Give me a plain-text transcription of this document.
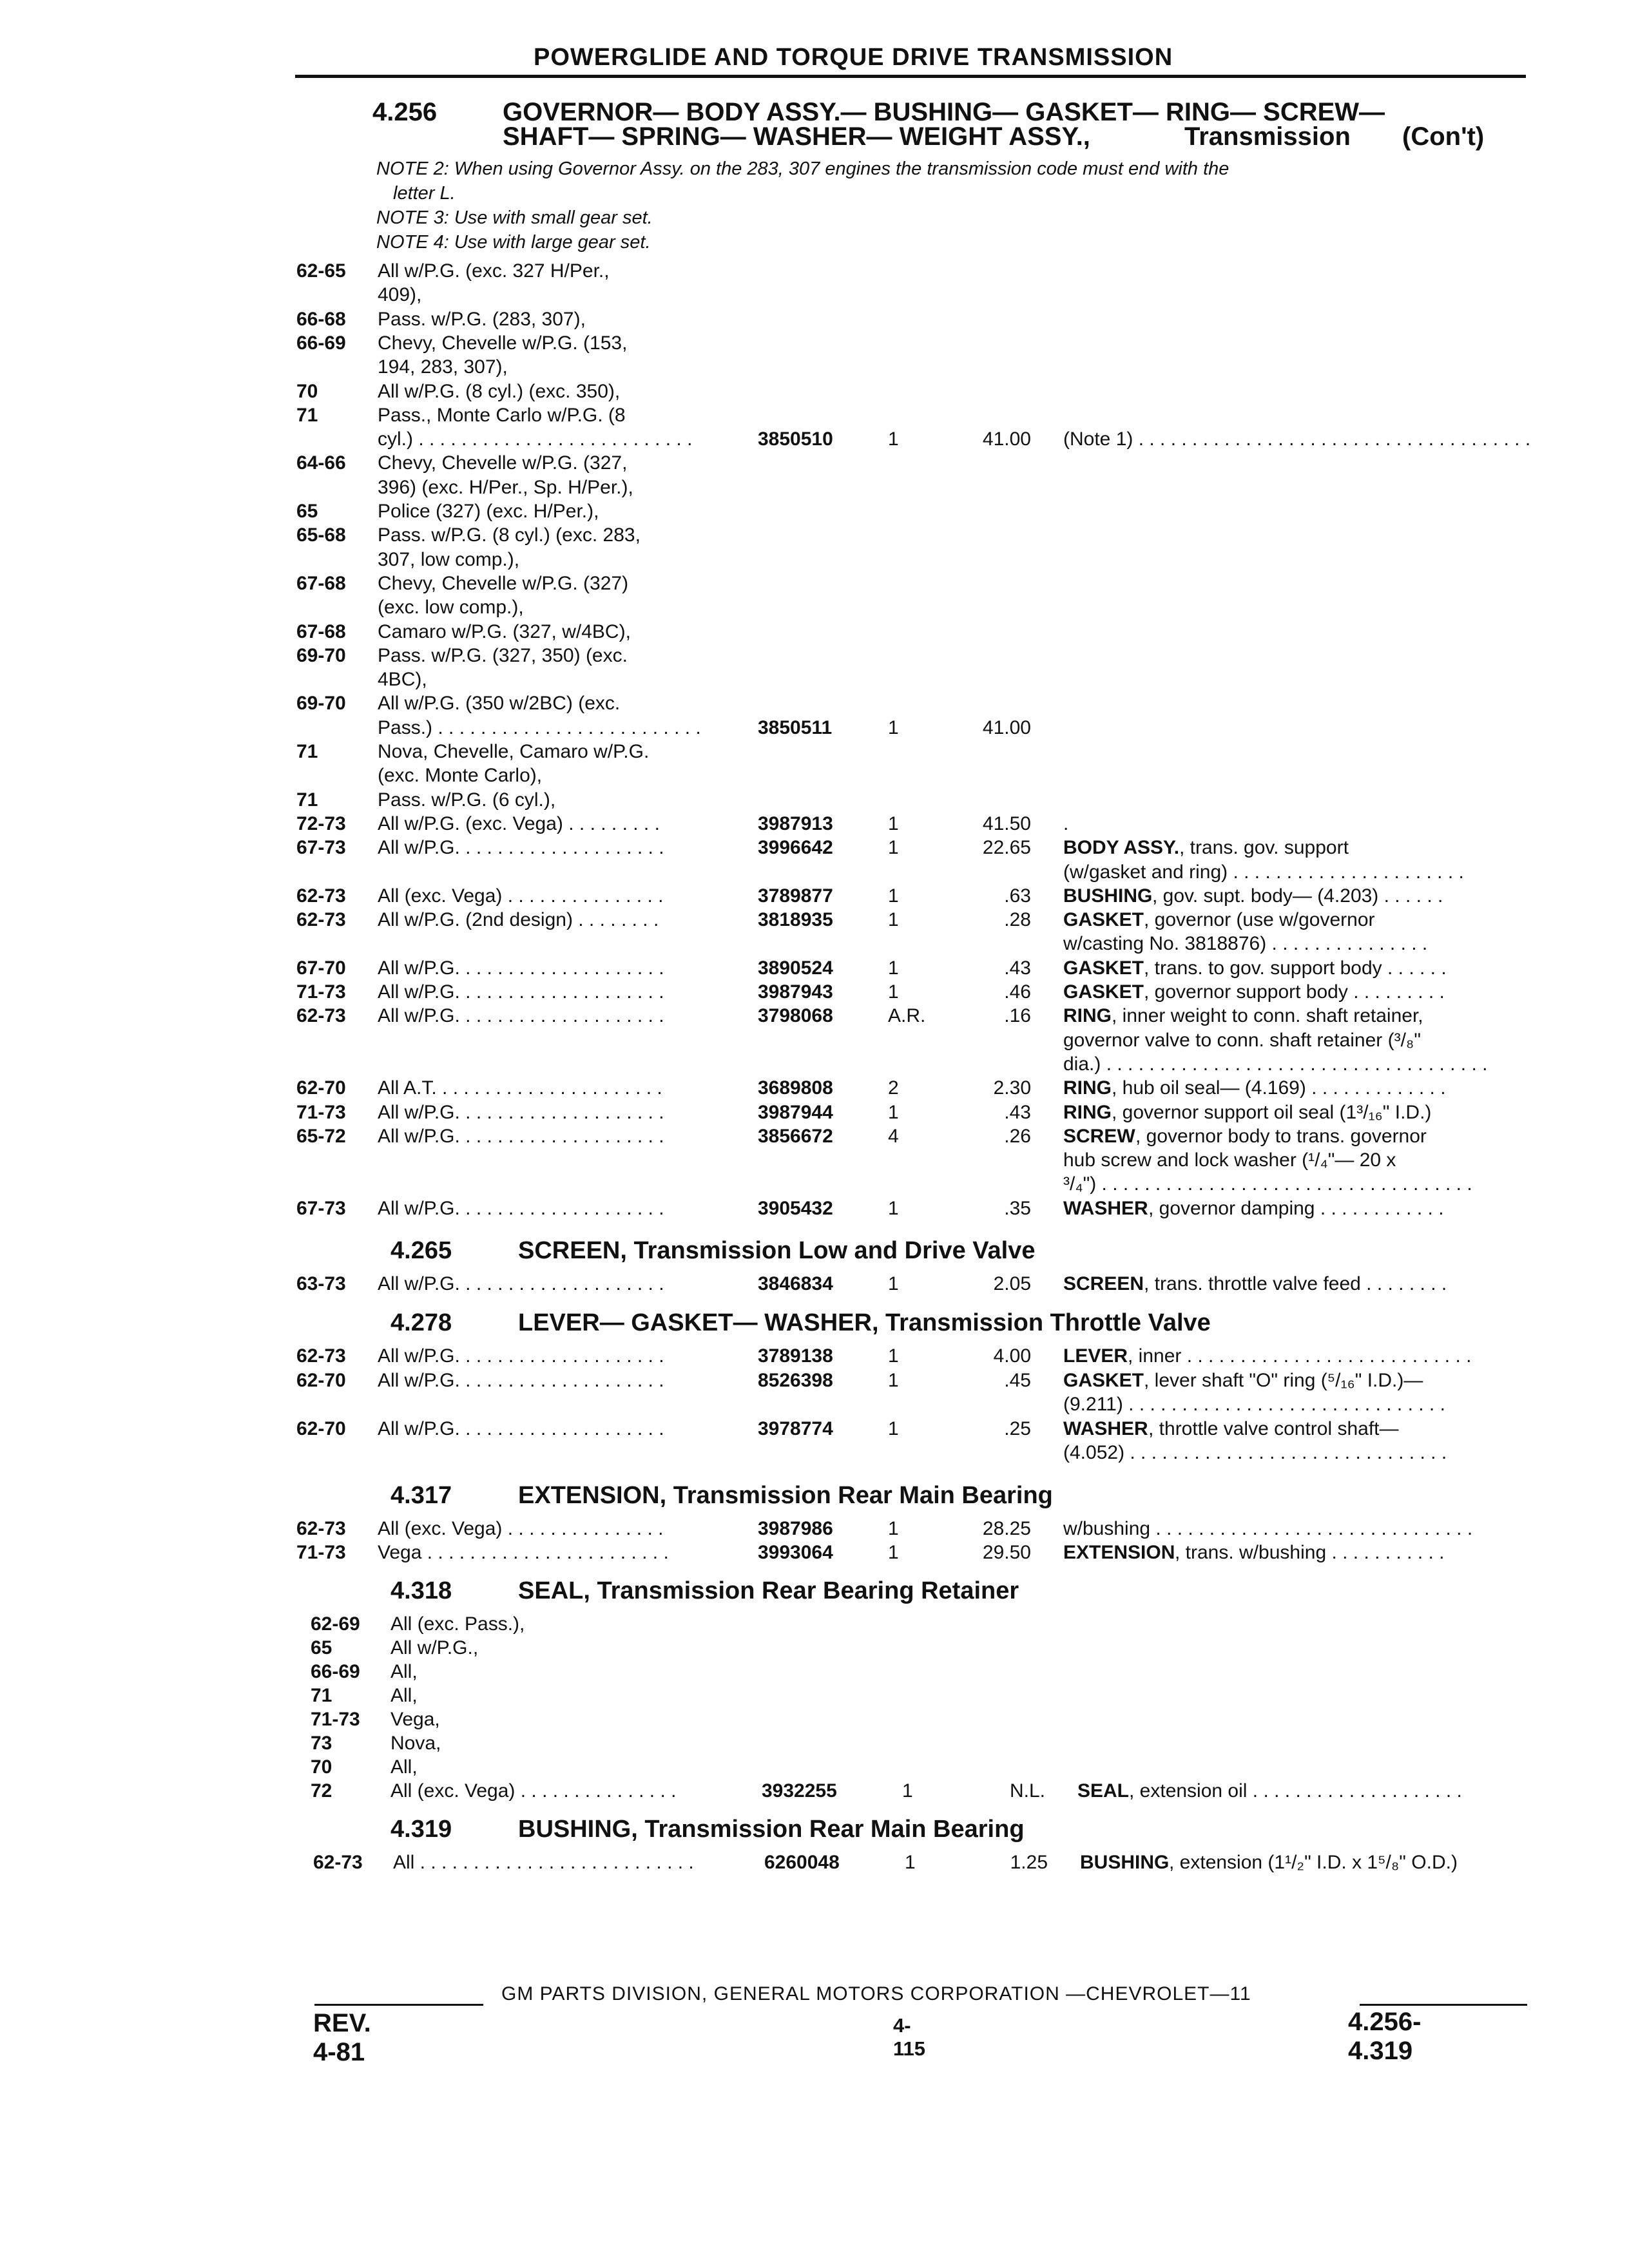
POWERGLIDE AND TORQUE DRIVE TRANSMISSION
4.256	GOVERNOR— BODY ASSY.— BUSHING— GASKET— RING— SCREW—
SHAFT— SPRING— WASHER— WEIGHT ASSY.,	Transmission (Con't)
NOTE 2: When using Governor Assy. on the 283, 307 engines the transmission code must end with the
letter L.
NOTE 3: Use with small gear set.
NOTE 4: Use with large gear set.
62-65 All w/P.G. (exc. 327 H/Per.,
409),
66-68 Pass. w/P.G. (283, 307),
66-69 Chevy, Chevelle w/P.G. (153,
194, 283, 307),
70	All w/P.G. (8 cyl.) (exc. 350),
71	Pass., Monte Carlo w/P.G. (8
cyl.) . . . . . . . . . . . . . . . . . . . . . . . . . .	3850510	1	41.00 (Note 1) . . . . . . . . . . . . . . . . . . . . . . . . . . . . . . . . . . . . .
64-66 Chevy, Chevelle w/P.G. (327,
396) (exc. H/Per., Sp. H/Per.),
65	Police (327) (exc. H/Per.),
65-68 Pass. w/P.G. (8 cyl.) (exc. 283,
307, low comp.),
67-68 Chevy, Chevelle w/P.G. (327)
(exc. low comp.),
67-68 Camaro w/P.G. (327, w/4BC),
69-70 Pass. w/P.G. (327, 350) (exc.
4BC),
69-70 All w/P.G. (350 w/2BC) (exc.
Pass.) . . . . . . . . . . . . . . . . . . . . . . . . .	3850511	1	41.00
71	Nova, Chevelle, Camaro w/P.G.
(exc. Monte Carlo),
71	Pass. w/P.G. (6 cyl.),
72-73 All w/P.G. (exc. Vega) . . . . . . . . .	3987913	1	41.50 .
67-73 All w/P.G. . . . . . . . . . . . . . . . . . . .	3996642	1	22.65 BODY ASSY. , trans. gov. support
(w/gasket and ring) . . . . . . . . . . . . . . . . . . . . . .
62-73 All (exc. Vega) . . . . . . . . . . . . . . .	3789877	1	.63 BUSHING , gov. supt. body— (4.203) . . . . . .
62-73 All w/P.G. (2nd design) . . . . . . . .	3818935	1	.28 GASKET , governor (use w/governor
w/casting No. 3818876) . . . . . . . . . . . . . . .
67-70 All w/P.G. . . . . . . . . . . . . . . . . . . .	3890524	1	.43 GASKET , trans. to gov. support body . . . . . .
71-73 All w/P.G. . . . . . . . . . . . . . . . . . . .	3987943	1	.46 GASKET , governor support body . . . . . . . . .
62-73 All w/P.G. . . . . . . . . . . . . . . . . . . .	3798068	A.R.	.16 RING , inner weight to conn. shaft retainer,
governor valve to conn. shaft retainer (³/₈"
dia.) . . . . . . . . . . . . . . . . . . . . . . . . . . . . . . . . . . . .
62-70 All A.T. . . . . . . . . . . . . . . . . . . . . .	3689808	2	2.30 RING , hub oil seal— (4.169) . . . . . . . . . . . . .
71-73 All w/P.G. . . . . . . . . . . . . . . . . . . .	3987944	1	.43 RING , governor support oil seal (1³/₁₆" I.D.)
65-72 All w/P.G. . . . . . . . . . . . . . . . . . . .	3856672	4	.26 SCREW , governor body to trans. governor
hub screw and lock washer (¹/₄"— 20 x
³/₄") . . . . . . . . . . . . . . . . . . . . . . . . . . . . . . . . . . .
67-73 All w/P.G. . . . . . . . . . . . . . . . . . . .	3905432	1	.35 WASHER , governor damping . . . . . . . . . . . .
4.265	SCREEN, Transmission Low and Drive Valve
63-73 All w/P.G. . . . . . . . . . . . . . . . . . . .	3846834	1	2.05 SCREEN , trans. throttle valve feed . . . . . . . .
4.278	LEVER— GASKET— WASHER, Transmission Throttle Valve
62-73 All w/P.G. . . . . . . . . . . . . . . . . . . .	3789138	1	4.00 LEVER , inner . . . . . . . . . . . . . . . . . . . . . . . . . . .
62-70 All w/P.G. . . . . . . . . . . . . . . . . . . .	8526398	1	.45 GASKET , lever shaft "O" ring (⁵/₁₆" I.D.)—
(9.211) . . . . . . . . . . . . . . . . . . . . . . . . . . . . . .
62-70 All w/P.G. . . . . . . . . . . . . . . . . . . .	3978774	1	.25 WASHER , throttle valve control shaft—
(4.052) . . . . . . . . . . . . . . . . . . . . . . . . . . . . . .
4.317	EXTENSION, Transmission Rear Main Bearing
62-73 All (exc. Vega) . . . . . . . . . . . . . . .	3987986	1	28.25 w/bushing . . . . . . . . . . . . . . . . . . . . . . . . . . . . . .
71-73 Vega . . . . . . . . . . . . . . . . . . . . . . .	3993064	1	29.50 EXTENSION , trans. w/bushing . . . . . . . . . . .
4.318	SEAL, Transmission Rear Bearing Retainer
62-69 All (exc. Pass.),
65	All w/P.G.,
66-69 All,
71	All,
71-73 Vega,
73	Nova,
70	All,
72	All (exc. Vega) . . . . . . . . . . . . . . .	3932255	1	N.L. SEAL , extension oil . . . . . . . . . . . . . . . . . . . .
4.319	BUSHING, Transmission Rear Main Bearing
62-73 All . . . . . . . . . . . . . . . . . . . . . . . . . .	6260048	1	1.25 BUSHING , extension (1¹/₂" I.D. x 1⁵/₈" O.D.)
GM PARTS DIVISION, GENERAL MOTORS CORPORATION —CHEVROLET—11
REV. 4-81
4-115
4.256-4.319
